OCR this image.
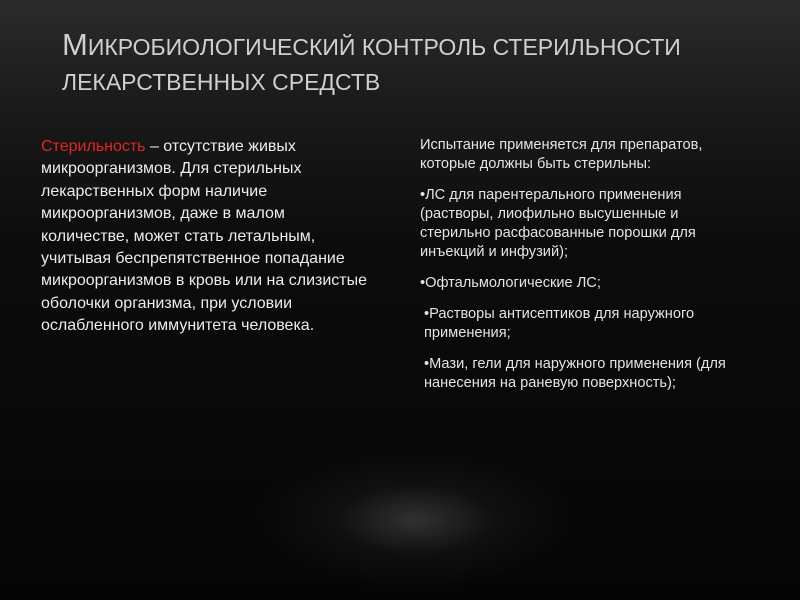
МИКРОБИОЛОГИЧЕСКИЙ КОНТРОЛЬ СТЕРИЛЬНОСТИ
ЛЕКАРСТВЕННЫХ СРЕДСТВ

Стерильность – отсутствие живых микроорганизмов. Для стерильных лекарственных форм наличие микроорганизмов, даже в малом количестве, может стать летальным, учитывая беспрепятственное попадание микроорганизмов в кровь или на слизистые оболочки организма, при условии ослабленного иммунитета человека.

Испытание применяется для препаратов, которые должны быть стерильны:

•ЛС для парентерального применения (растворы, лиофильно высушенные и стерильно расфасованные порошки для инъекций и инфузий);

•Офтальмологические ЛС;

•Растворы антисептиков для наружного применения;

•Мази, гели для наружного применения (для нанесения на раневую поверхность);
